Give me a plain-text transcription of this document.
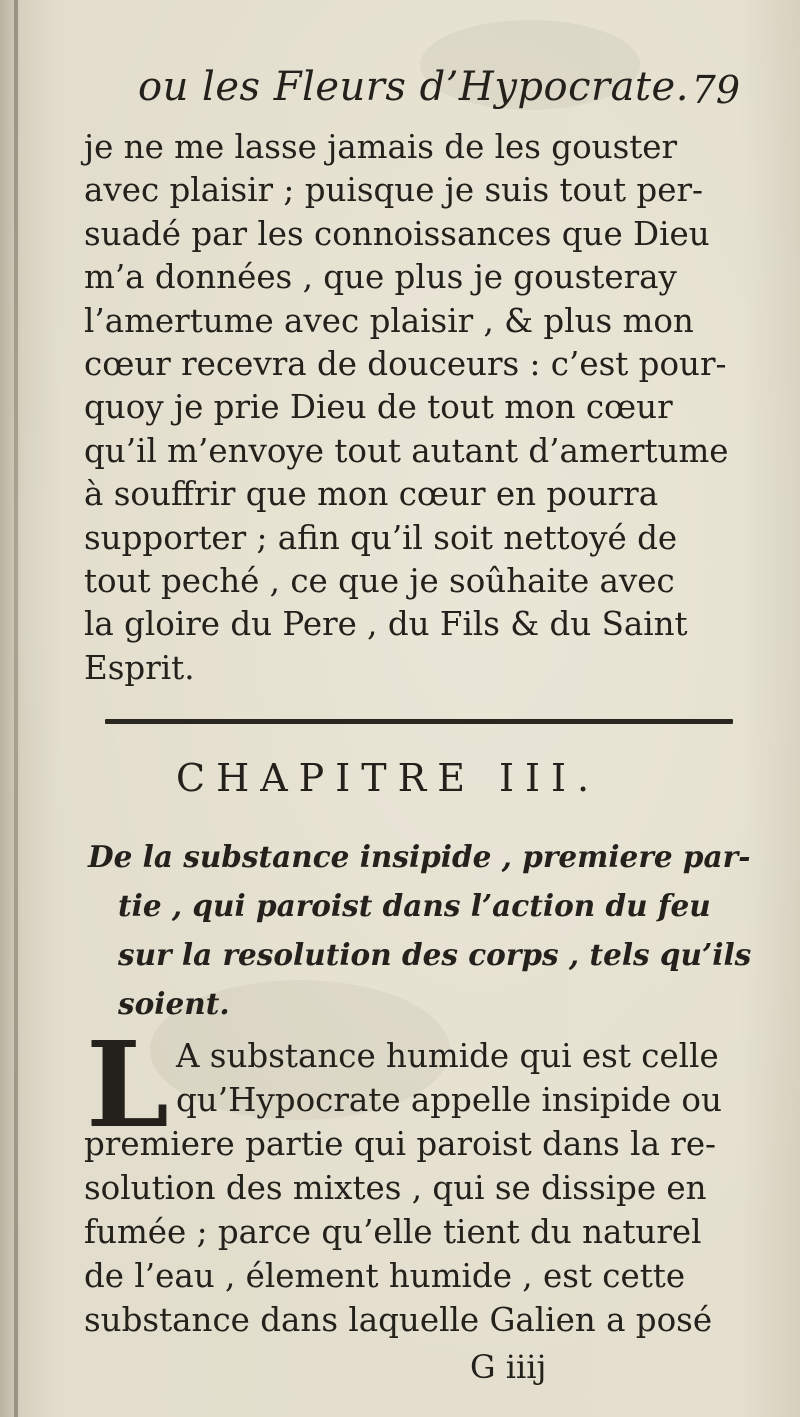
ou les Fleurs d’Hypocrate. 79
je ne me lasse jamais de les gouster
avec plaisir ; puisque je suis tout per-
suadé par les connoissances que Dieu
m’a données , que plus je gousteray
l’amertume avec plaisir , & plus mon
cœur recevra de douceurs : c’est pour-
quoy je prie Dieu de tout mon cœur
qu’il m’envoye tout autant d’amertume
à souffrir que mon cœur en pourra
supporter ; afin qu’il soit nettoyé de
tout peché , ce que je soûhaite avec
la gloire du Pere , du Fils & du Saint
Esprit.
CHAPITRE III.
De la substance insipide , premiere par-
tie , qui paroist dans l’action du feu
sur la resolution des corps , tels qu’ils
soient.
L A substance humide qui est celle
qu’Hypocrate appelle insipide ou
premiere partie qui paroist dans la re-
solution des mixtes , qui se dissipe en
fumée ; parce qu’elle tient du naturel
de l’eau , élement humide , est cette
substance dans laquelle Galien a posé
G iiij
